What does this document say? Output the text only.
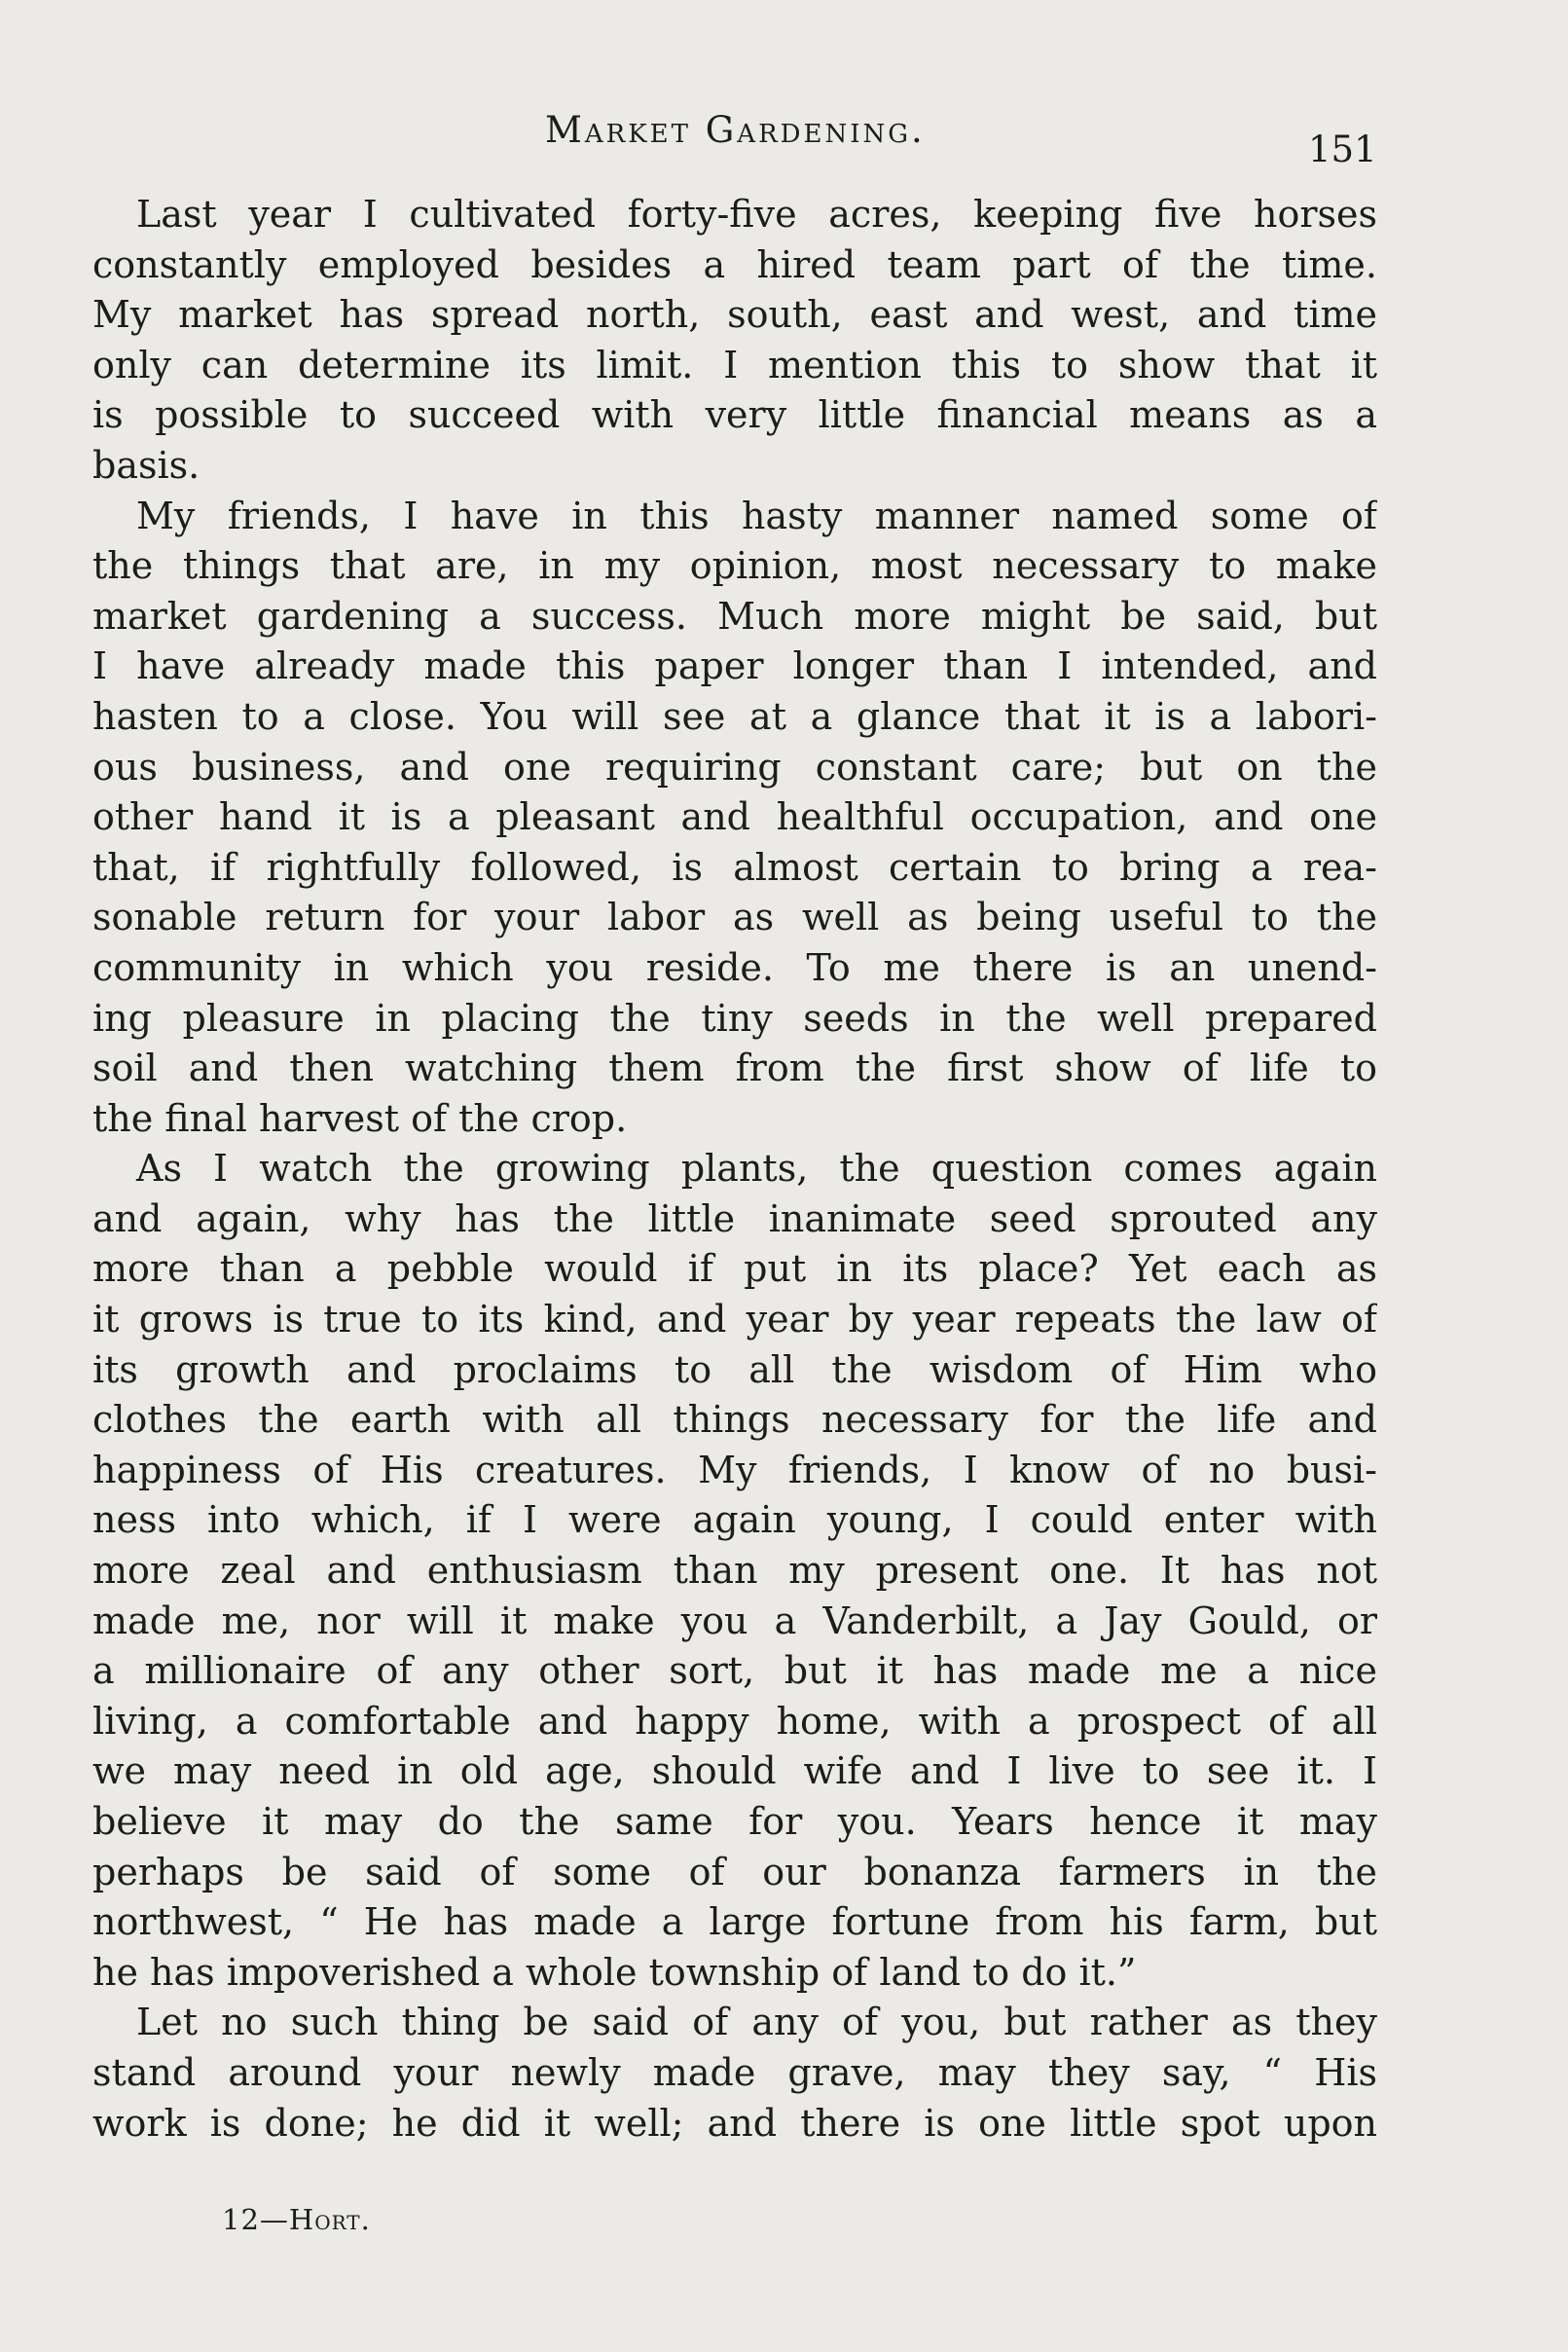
Market Gardening.	151
Last year I cultivated forty-five acres, keeping five horses
constantly employed besides a hired team part of the time.
My market has spread north, south, east and west, and time
only can determine its limit. I mention this to show that it
is possible to succeed with very little financial means as a
basis.
My friends, I have in this hasty manner named some of
the things that are, in my opinion, most necessary to make
market gardening a success. Much more might be said, but
I have already made this paper longer than I intended, and
hasten to a close. You will see at a glance that it is a labori-
ous business, and one requiring constant care; but on the
other hand it is a pleasant and healthful occupation, and one
that, if rightfully followed, is almost certain to bring a rea-
sonable return for your labor as well as being useful to the
community in which you reside. To me there is an unend-
ing pleasure in placing the tiny seeds in the well prepared
soil and then watching them from the first show of life to
the final harvest of the crop.
As I watch the growing plants, the question comes again
and again, why has the little inanimate seed sprouted any
more than a pebble would if put in its place? Yet each as
it grows is true to its kind, and year by year repeats the law of
its growth and proclaims to all the wisdom of Him who
clothes the earth with all things necessary for the life and
happiness of His creatures. My friends, I know of no busi-
ness into which, if I were again young, I could enter with
more zeal and enthusiasm than my present one. It has not
made me, nor will it make you a Vanderbilt, a Jay Gould, or
a millionaire of any other sort, but it has made me a nice
living, a comfortable and happy home, with a prospect of all
we may need in old age, should wife and I live to see it. I
believe it may do the same for you. Years hence it may
perhaps be said of some of our bonanza farmers in the
northwest, “ He has made a large fortune from his farm, but
he has impoverished a whole township of land to do it.”
Let no such thing be said of any of you, but rather as they
stand around your newly made grave, may they say, “ His
work is done; he did it well; and there is one little spot upon
12—Hort.
